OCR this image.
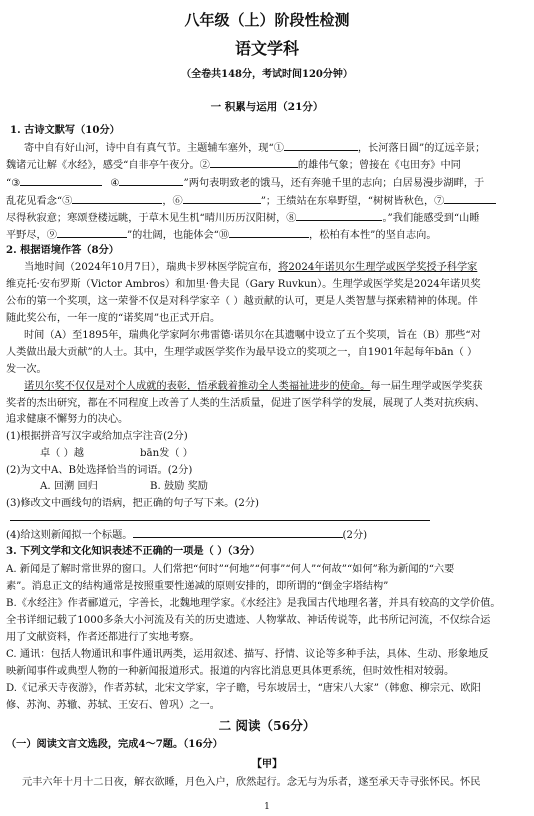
八年级（上）阶段性检测
语文学科
（全卷共148分，考试时间120分钟）
一 积累与运用（21分）
1. 古诗文默写（10分）
寄中自有好山河，诗中自有真气节。主题辅车塞外，现“①	，长河落日圆”的辽远辛景；
魏诸元让解《水经》，感受“自非亭午夜分。②	的雄伟气象；曾接在《屯田夯》中同
“③	④	”两句表明致老的饿马，还有奔驰千里的志向；白居易漫步湖畔，于
乱花见看念“⑤	，⑥	”；王绩站在东皋野望，“树树皆秋色，⑦
尽得秋寂意；寒颂登楼远眺，于草木见生机“晴川历历汉阳树，⑧	。”我们能感受到“山睡
平野尽，⑨	”的壮阔，也能体会“⑩	，松柏有本性”的坚自志向。
2. 根据语境作答（8分）
当地时间（2024年10月7日），瑞典卡罗林医学院宣布，将2024年诺贝尔生理学或医学奖授予科学家
维克托·安布罗斯（Victor Ambros）和加里·鲁夫昆（Gary Ruvkun）。生理学或医学奖是2024年诺贝奖
公布的第一个奖项，这一荣誉不仅是对科学家辛（ ）越贡献的认可，更是人类智慧与探索精神的体现。伴
随此奖公布，一年一度的“诺奖周”也正式开启。
时间（A）至1895年，瑞典化学家阿尔弗雷德·诺贝尔在其遗嘱中设立了五个奖项，旨在（B）那些“对
人类做出最大贡献”的人士。其中，生理学或医学奖作为最早设立的奖项之一，自1901年起每年bān（ ）
发一次。
诺贝尔奖不仅仅是对个人成就的表彰，悟承载着推动全人类福祉进步的使命。每一届生理学或医学奖获
奖者的杰出研究，都在不同程度上改善了人类的生活质量，促进了医学科学的发展，展现了人类对抗疾病、
追求健康不懈努力的决心。
(1)根据拼音写汉字或给加点字注音(2分)
卓（ ）越	bān发（ ）
(2)为文中A、B处选择恰当的词语。(2分)
A. 回溯 回归	B. 鼓励 奖励
(3)修改文中画线句的语病，把正确的句子写下来。(2分)
(4)给这则新闻拟一个标题。	(2分)
3. 下列文学和文化知识表述不正确的一项是（ ）（3分）
A. 新闻是了解时常世界的窗口。人们常把“何时”“何地”“何事”“何人”“何故”“如何”称为新闻的“六要
素”。消息正文的结构通常是按照重要性递减的原则安排的，即所谓的“倒金字塔结构”
B.《水经注》作者郦道元，字善长，北魏地理学家。《水经注》是我国古代地理名著，并具有较高的文学价值。
全书详细记载了1000多条大小河流及有关的历史遗迹、人物掌故、神话传说等，此书所记河流，不仅综合运
用了文献资料，作者还都进行了实地考察。
C. 通讯：包括人物通讯和事件通讯两类，运用叙述、描写、抒情、议论等多种手法，具体、生动、形象地反
映新闻事件或典型人物的一种新闻报道形式。报道的内容比消息更具体更系统，但时效性相对较弱。
D.《记承天寺夜游》，作者苏轼，北宋文学家，字子瞻，号东坡居士，“唐宋八大家”（韩愈、柳宗元、欧阳
修、苏洵、苏辙、苏轼、王安石、曾巩）之一。
二 阅读（56分）
（一）阅读文言文选段，完成4～7题。（16分）
【甲】
元丰六年十月十二日夜，解衣欲睡，月色入户，欣然起行。念无与为乐者，遂至承天寺寻张怀民。怀民
1
